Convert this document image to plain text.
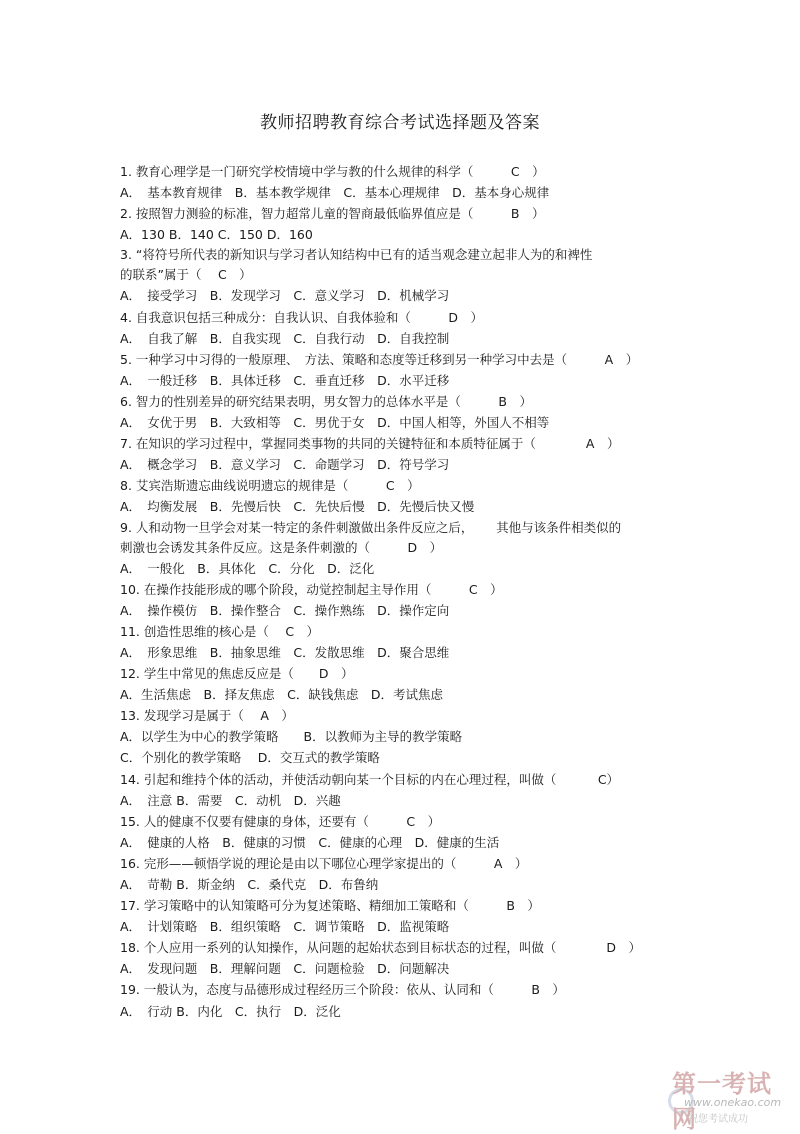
教师招聘教育综合考试选择题及答案
1. 教育心理学是一门研究学校情境中学与教的什么规律的科学（　　　C　）
A．　基本教育规律　B．基本教学规律　C．基本心理规律　D．基本身心规律
2. 按照智力测验的标准，智力超常儿童的智商最低临界值应是（　　　B　）
A．130 B．140 C．150 D．160
3. “将符号所代表的新知识与学习者认知结构中已有的适当观念建立起非人为的和裨性
的联系”属于（　 C　）
A．　接受学习　B．发现学习　C．意义学习　D．机械学习
4. 自我意识包括三种成分：自我认识、自我体验和（　　　D　）
A．　自我了解　B．自我实现　C．自我行动　D．自我控制
5. 一种学习中习得的一般原理、　方法、策略和态度等迁移到另一种学习中去是（　　　A　）
A．　一般迁移　B．具体迁移　C．垂直迁移　D．水平迁移
6. 智力的性别差异的研究结果表明，男女智力的总体水平是（　　　B　）
A．　女优于男　B．大致相等　C．男优于女　D．中国人相等，外国人不相等
7. 在知识的学习过程中，掌握同类事物的共同的关键特征和本质特征属于（　　　　A　）
A．　概念学习　B．意义学习　C．命题学习　D．符号学习
8. 艾宾浩斯遗忘曲线说明遗忘的规律是（　　　C　）
A．　均衡发展　B．先慢后快　C．先快后慢　D．先慢后快又慢
9. 人和动物一旦学会对某一特定的条件刺激做出条件反应之后，　　 其他与该条件相类似的
刺激也会诱发其条件反应。这是条件刺激的（　　　D　）
A．　一般化　B．具体化　C．分化　D．泛化
10. 在操作技能形成的哪个阶段，动觉控制起主导作用（　　　C　）
A．　操作模仿　B．操作整合　C．操作熟练　D．操作定向
11. 创造性思维的核心是（　 C　）
A．　形象思维　B．抽象思维　C．发散思维　D．聚合思维
12. 学生中常见的焦虑反应是（　　D　）
A．生活焦虑　B．择友焦虑　C．缺钱焦虑　D．考试焦虑
13. 发现学习是属于（　 A　）
A．以学生为中心的教学策略　　B．以教师为主导的教学策略
C．个别化的教学策略　 D．交互式的教学策略
14. 引起和维持个体的活动，并使活动朝向某一个目标的内在心理过程，叫做（　　　 C）
A．　注意 B．需要　C．动机　D．兴趣
15. 人的健康不仅要有健康的身体，还要有（　　　C　）
A．　健康的人格　B．健康的习惯　C．健康的心理　D．健康的生活
16. 完形——顿悟学说的理论是由以下哪位心理学家提出的（　　　A　）
A．　苛勒 B．斯金纳　C．桑代克　D．布鲁纳
17. 学习策略中的认知策略可分为复述策略、精细加工策略和（　　　B　）
A．　计划策略　B．组织策略　C．调节策略　D．监视策略
18. 个人应用一系列的认知操作，从问题的起始状态到目标状态的过程，叫做（　　　　D　）
A．　发现问题　B．理解问题　C．问题检验　D．问题解决
19. 一般认为，态度与品德形成过程经历三个阶段：依从、认同和（　　　B　）
A．　行动 B．内化　C．执行　D．泛化
第一考试网
www.onekao.com
祝您考试成功
